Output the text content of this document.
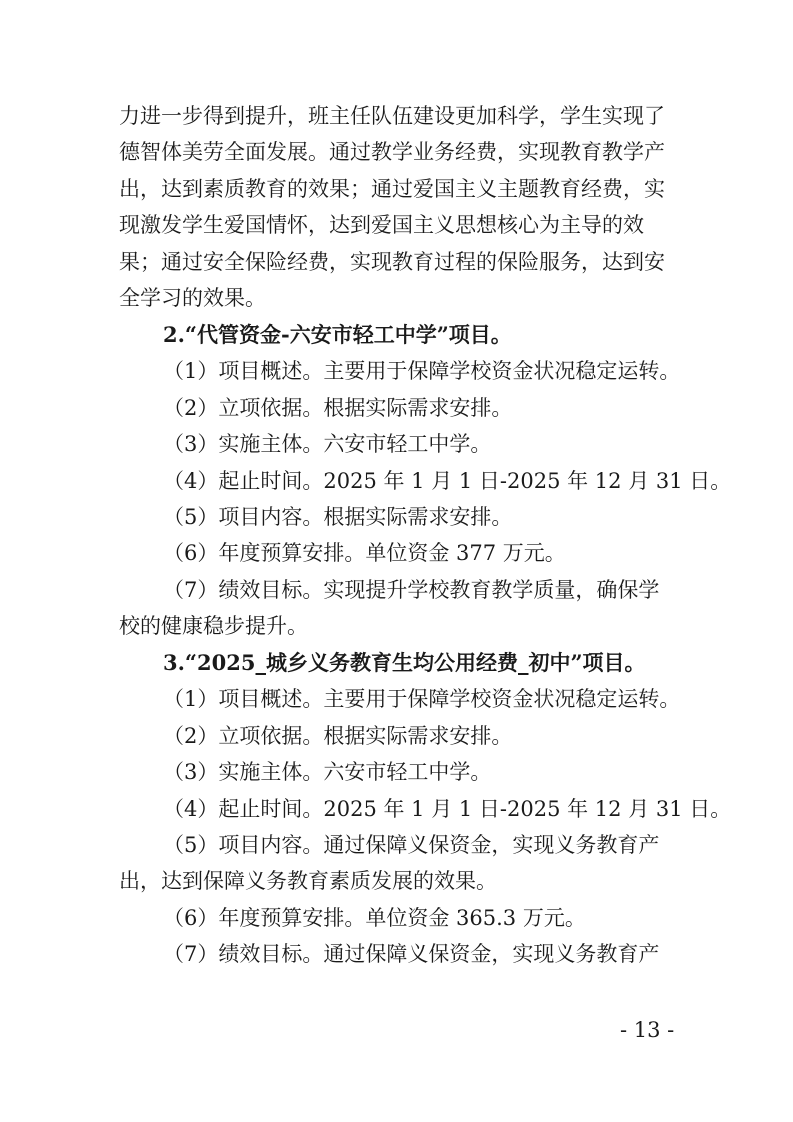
力进一步得到提升，班主任队伍建设更加科学，学生实现了
德智体美劳全面发展。通过教学业务经费，实现教育教学产
出，达到素质教育的效果；通过爱国主义主题教育经费，实
现激发学生爱国情怀，达到爱国主义思想核心为主导的效
果；通过安全保险经费，实现教育过程的保险服务，达到安
全学习的效果。
2.“代管资金-六安市轻工中学”项目。
（1）项目概述。主要用于保障学校资金状况稳定运转。
（2）立项依据。根据实际需求安排。
（3）实施主体。六安市轻工中学。
（4）起止时间。2025 年 1 月 1 日-2025 年 12 月 31 日。
（5）项目内容。根据实际需求安排。
（6）年度预算安排。单位资金 377 万元。
（7）绩效目标。实现提升学校教育教学质量，确保学
校的健康稳步提升。
3.“2025_城乡义务教育生均公用经费_初中”项目。
（1）项目概述。主要用于保障学校资金状况稳定运转。
（2）立项依据。根据实际需求安排。
（3）实施主体。六安市轻工中学。
（4）起止时间。2025 年 1 月 1 日-2025 年 12 月 31 日。
（5）项目内容。通过保障义保资金，实现义务教育产
出，达到保障义务教育素质发展的效果。
（6）年度预算安排。单位资金 365.3 万元。
（7）绩效目标。通过保障义保资金，实现义务教育产
- 13 -
